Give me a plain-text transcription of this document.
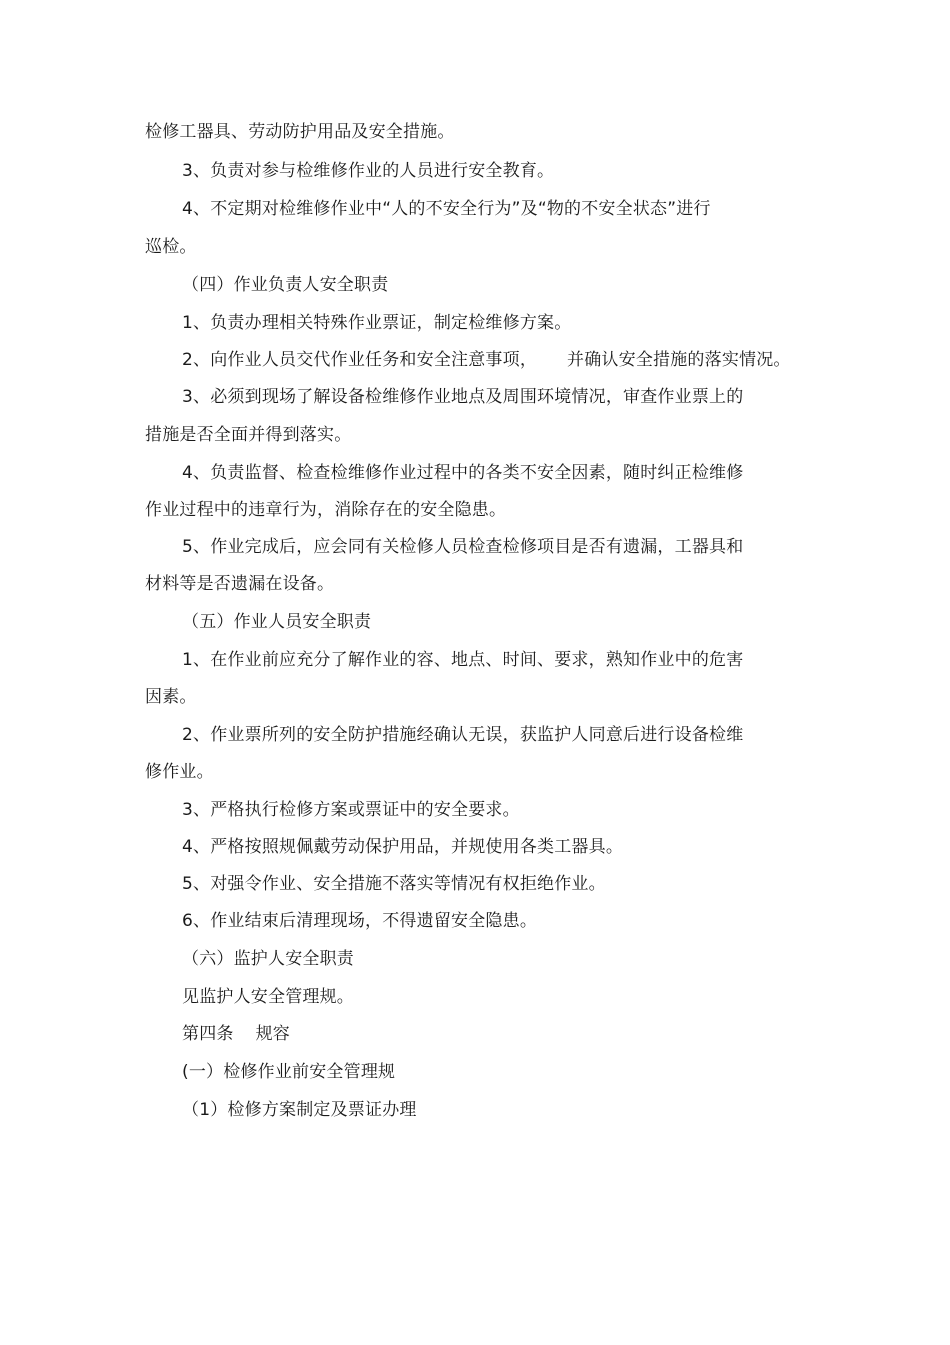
检修工器具、劳动防护用品及安全措施。
3、负责对参与检维修作业的人员进行安全教育。
4、不定期对检维修作业中“人的不安全行为”及“物的不安全状态”进行
巡检。
（四）作业负责人安全职责
1、负责办理相关特殊作业票证，制定检维修方案。
2、向作业人员交代作业任务和安全注意事项， 并确认安全措施的落实情况。
3、必须到现场了解设备检维修作业地点及周围环境情况，审查作业票上的
措施是否全面并得到落实。
4、负责监督、检查检维修作业过程中的各类不安全因素，随时纠正检维修
作业过程中的违章行为，消除存在的安全隐患。
5、作业完成后，应会同有关检修人员检查检修项目是否有遗漏，工器具和
材料等是否遗漏在设备。
（五）作业人员安全职责
1、在作业前应充分了解作业的容、地点、时间、要求，熟知作业中的危害
因素。
2、作业票所列的安全防护措施经确认无误，获监护人同意后进行设备检维
修作业。
3、严格执行检修方案或票证中的安全要求。
4、严格按照规佩戴劳动保护用品，并规使用各类工器具。
5、对强令作业、安全措施不落实等情况有权拒绝作业。
6、作业结束后清理现场，不得遗留安全隐患。
（六）监护人安全职责
见监护人安全管理规。
第四条 规容
(一）检修作业前安全管理规
（1）检修方案制定及票证办理
